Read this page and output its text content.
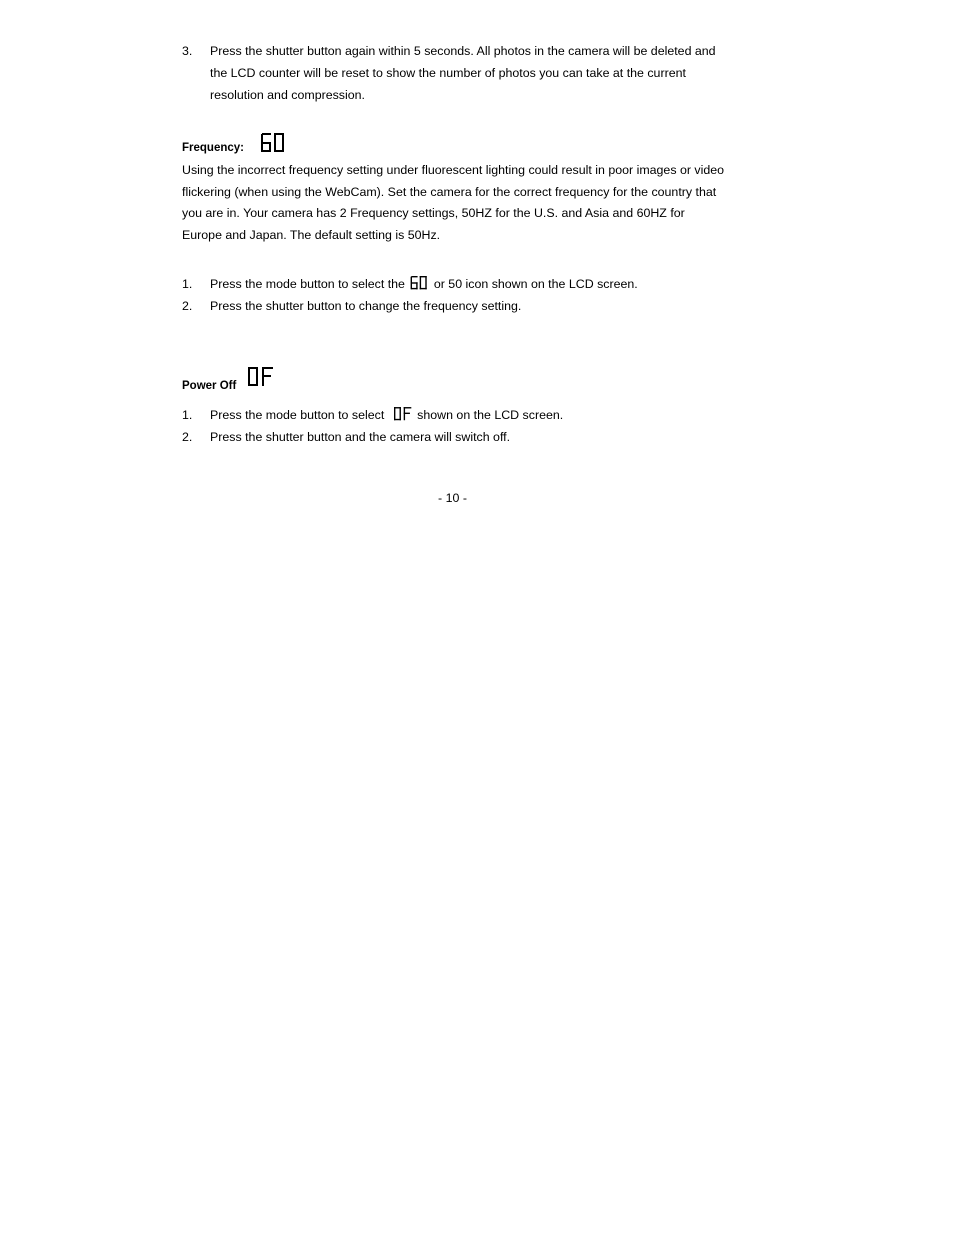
3. Press the shutter button again within 5 seconds. All photos in the camera will be deleted and
the LCD counter will be reset to show the number of photos you can take at the current
resolution and compression.
Frequency:
Using the incorrect frequency setting under fluorescent lighting could result in poor images or video
flickering (when using the WebCam). Set the camera for the correct frequency for the country that
you are in. Your camera has 2 Frequency settings, 50HZ for the U.S. and Asia and 60HZ for
Europe and Japan. The default setting is 50Hz.
1. Press the mode button to select the or 50 icon shown on the LCD screen.
2. Press the shutter button to change the frequency setting.
Power Off
1. Press the mode button to select	shown on the LCD screen.
2. Press the shutter button and the camera will switch off.
- 10 -
